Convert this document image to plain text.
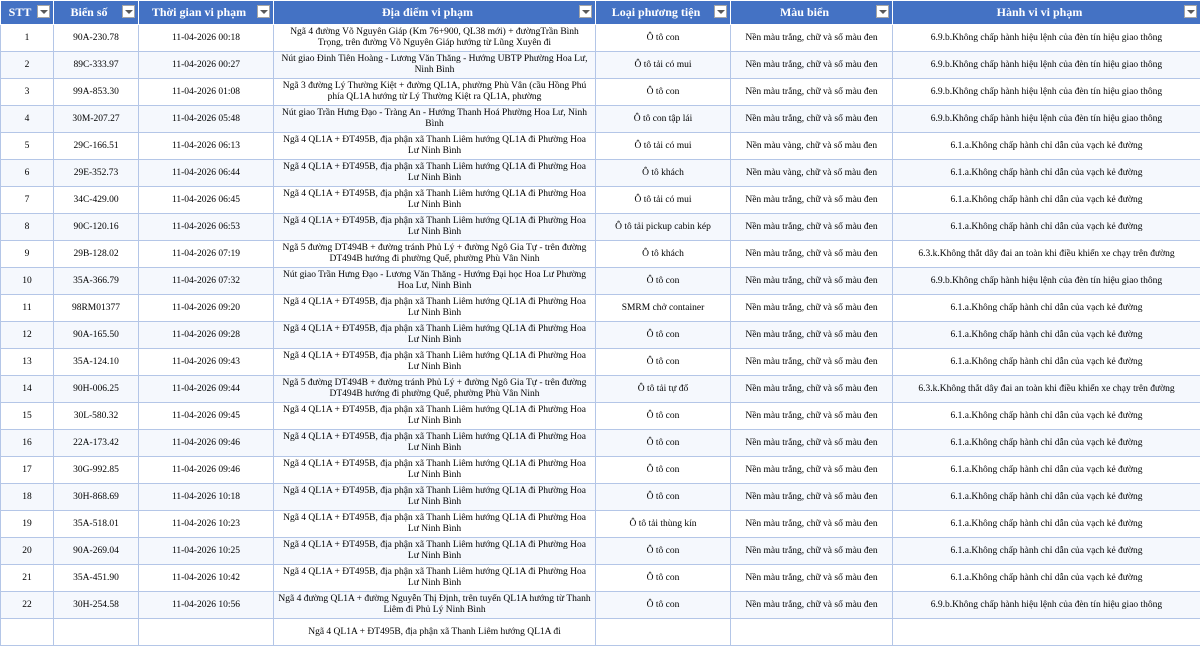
STT	Biển số	Thời gian vi phạm	Địa điểm vi phạm	Loại phương tiện	Màu biển	Hành vi vi phạm

1	90A-230.78	11-04-2026 00:18	Ngã 4 đường Võ Nguyên Giáp (Km 76+900, QL38 mới) + đườngTrần Bình Trọng, trên đường Võ Nguyên Giáp hướng từ Lũng Xuyên đi	Ô tô con	Nền màu trắng, chữ và số màu đen	6.9.b.Không chấp hành hiệu lệnh của đèn tín hiệu giao thông
2	89C-333.97	11-04-2026 00:27	Nút giao Đinh Tiên Hoàng - Lương Văn Thăng - Hướng UBTP Phường Hoa Lư, Ninh Bình	Ô tô tải có mui	Nền màu trắng, chữ và số màu đen	6.9.b.Không chấp hành hiệu lệnh của đèn tín hiệu giao thông
3	99A-853.30	11-04-2026 01:08	Ngã 3 đường Lý Thường Kiệt + đường QL1A, phường Phù Vân (cầu Hồng Phú phía QL1A hướng từ Lý Thường Kiệt ra QL1A, phường	Ô tô con	Nền màu trắng, chữ và số màu đen	6.9.b.Không chấp hành hiệu lệnh của đèn tín hiệu giao thông
4	30M-207.27	11-04-2026 05:48	Nút giao Trần Hưng Đạo - Tràng An - Hướng Thanh Hoá Phường Hoa Lư, Ninh Bình	Ô tô con tập lái	Nền màu trắng, chữ và số màu đen	6.9.b.Không chấp hành hiệu lệnh của đèn tín hiệu giao thông
5	29C-166.51	11-04-2026 06:13	Ngã 4 QL1A + ĐT495B, địa phận xã Thanh Liêm hướng QL1A đi Phường Hoa Lư Ninh Bình	Ô tô tải có mui	Nền màu vàng, chữ và số màu đen	6.1.a.Không chấp hành chỉ dẫn của vạch kẻ đường
6	29E-352.73	11-04-2026 06:44	Ngã 4 QL1A + ĐT495B, địa phận xã Thanh Liêm hướng QL1A đi Phường Hoa Lư Ninh Bình	Ô tô khách	Nền màu vàng, chữ và số màu đen	6.1.a.Không chấp hành chỉ dẫn của vạch kẻ đường
7	34C-429.00	11-04-2026 06:45	Ngã 4 QL1A + ĐT495B, địa phận xã Thanh Liêm hướng QL1A đi Phường Hoa Lư Ninh Bình	Ô tô tải có mui	Nền màu trắng, chữ và số màu đen	6.1.a.Không chấp hành chỉ dẫn của vạch kẻ đường
8	90C-120.16	11-04-2026 06:53	Ngã 4 QL1A + ĐT495B, địa phận xã Thanh Liêm hướng QL1A đi Phường Hoa Lư Ninh Bình	Ô tô tải pickup cabin kép	Nền màu trắng, chữ và số màu đen	6.1.a.Không chấp hành chỉ dẫn của vạch kẻ đường
9	29B-128.02	11-04-2026 07:19	Ngã 5 đường DT494B + đường tránh Phủ Lý + đường Ngô Gia Tự - trên đường DT494B hướng đi phường Quế, phường Phù Vân Ninh	Ô tô khách	Nền màu trắng, chữ và số màu đen	6.3.k.Không thắt dây đai an toàn khi điều khiển xe chạy trên đường
10	35A-366.79	11-04-2026 07:32	Nút giao Trần Hưng Đạo - Lương Văn Thăng - Hướng Đại học Hoa Lư Phường Hoa Lư, Ninh Bình	Ô tô con	Nền màu trắng, chữ và số màu đen	6.9.b.Không chấp hành hiệu lệnh của đèn tín hiệu giao thông
11	98RM01377	11-04-2026 09:20	Ngã 4 QL1A + ĐT495B, địa phận xã Thanh Liêm hướng QL1A đi Phường Hoa Lư Ninh Bình	SMRM chở container	Nền màu trắng, chữ và số màu đen	6.1.a.Không chấp hành chỉ dẫn của vạch kẻ đường
12	90A-165.50	11-04-2026 09:28	Ngã 4 QL1A + ĐT495B, địa phận xã Thanh Liêm hướng QL1A đi Phường Hoa Lư Ninh Bình	Ô tô con	Nền màu trắng, chữ và số màu đen	6.1.a.Không chấp hành chỉ dẫn của vạch kẻ đường
13	35A-124.10	11-04-2026 09:43	Ngã 4 QL1A + ĐT495B, địa phận xã Thanh Liêm hướng QL1A đi Phường Hoa Lư Ninh Bình	Ô tô con	Nền màu trắng, chữ và số màu đen	6.1.a.Không chấp hành chỉ dẫn của vạch kẻ đường
14	90H-006.25	11-04-2026 09:44	Ngã 5 đường DT494B + đường tránh Phủ Lý + đường Ngô Gia Tự - trên đường DT494B hướng đi phường Quế, phường Phù Vân Ninh	Ô tô tải tự đổ	Nền màu trắng, chữ và số màu đen	6.3.k.Không thắt dây đai an toàn khi điều khiển xe chạy trên đường
15	30L-580.32	11-04-2026 09:45	Ngã 4 QL1A + ĐT495B, địa phận xã Thanh Liêm hướng QL1A đi Phường Hoa Lư Ninh Bình	Ô tô con	Nền màu trắng, chữ và số màu đen	6.1.a.Không chấp hành chỉ dẫn của vạch kẻ đường
16	22A-173.42	11-04-2026 09:46	Ngã 4 QL1A + ĐT495B, địa phận xã Thanh Liêm hướng QL1A đi Phường Hoa Lư Ninh Bình	Ô tô con	Nền màu trắng, chữ và số màu đen	6.1.a.Không chấp hành chỉ dẫn của vạch kẻ đường
17	30G-992.85	11-04-2026 09:46	Ngã 4 QL1A + ĐT495B, địa phận xã Thanh Liêm hướng QL1A đi Phường Hoa Lư Ninh Bình	Ô tô con	Nền màu trắng, chữ và số màu đen	6.1.a.Không chấp hành chỉ dẫn của vạch kẻ đường
18	30H-868.69	11-04-2026 10:18	Ngã 4 QL1A + ĐT495B, địa phận xã Thanh Liêm hướng QL1A đi Phường Hoa Lư Ninh Bình	Ô tô con	Nền màu trắng, chữ và số màu đen	6.1.a.Không chấp hành chỉ dẫn của vạch kẻ đường
19	35A-518.01	11-04-2026 10:23	Ngã 4 QL1A + ĐT495B, địa phận xã Thanh Liêm hướng QL1A đi Phường Hoa Lư Ninh Bình	Ô tô tải thùng kín	Nền màu trắng, chữ và số màu đen	6.1.a.Không chấp hành chỉ dẫn của vạch kẻ đường
20	90A-269.04	11-04-2026 10:25	Ngã 4 QL1A + ĐT495B, địa phận xã Thanh Liêm hướng QL1A đi Phường Hoa Lư Ninh Bình	Ô tô con	Nền màu trắng, chữ và số màu đen	6.1.a.Không chấp hành chỉ dẫn của vạch kẻ đường
21	35A-451.90	11-04-2026 10:42	Ngã 4 QL1A + ĐT495B, địa phận xã Thanh Liêm hướng QL1A đi Phường Hoa Lư Ninh Bình	Ô tô con	Nền màu trắng, chữ và số màu đen	6.1.a.Không chấp hành chỉ dẫn của vạch kẻ đường
22	30H-254.58	11-04-2026 10:56	Ngã 4 đường QL1A + đường Nguyễn Thị Định, trên tuyến QL1A hướng từ Thanh Liêm đi Phủ Lý Ninh Bình	Ô tô con	Nền màu trắng, chữ và số màu đen	6.9.b.Không chấp hành hiệu lệnh của đèn tín hiệu giao thông
			Ngã 4 QL1A + ĐT495B, địa phận xã Thanh Liêm hướng QL1A đi			
